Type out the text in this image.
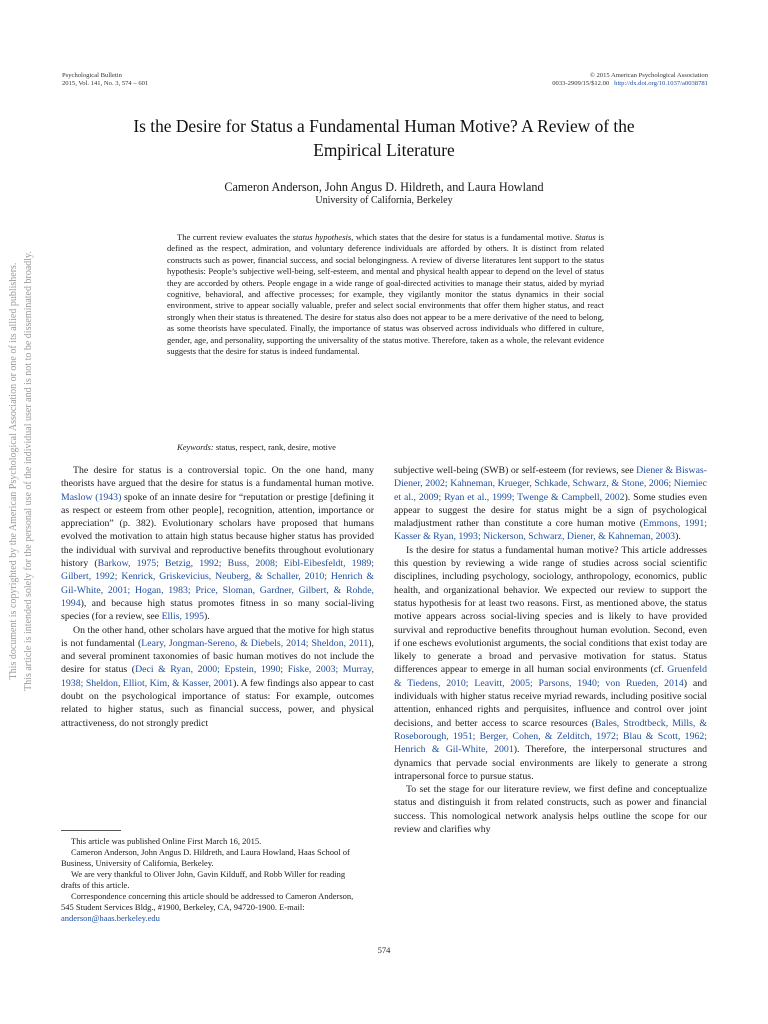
Psychological Bulletin
2015, Vol. 141, No. 3, 574 – 601
© 2015 American Psychological Association
0033-2909/15/$12.00 http://dx.doi.org/10.1037/a0038781
Is the Desire for Status a Fundamental Human Motive? A Review of the
Empirical Literature
Cameron Anderson, John Angus D. Hildreth, and Laura Howland
University of California, Berkeley

The current review evaluates the status hypothesis, which states that the desire for status is a fundamental motive. Status is defined as the respect, admiration, and voluntary deference individuals are afforded by others. It is distinct from related constructs such as power, financial success, and social belongingness. A review of diverse literatures lent support to the status hypothesis: People’s subjective well-being, self-esteem, and mental and physical health appear to depend on the level of status they are accorded by others. People engage in a wide range of goal-directed activities to manage their status, aided by myriad cognitive, behavioral, and affective processes; for example, they vigilantly monitor the status dynamics in their social environment, strive to appear socially valuable, prefer and select social environments that offer them higher status, and react strongly when their status is threatened. The desire for status also does not appear to be a mere derivative of the need to belong, as some theorists have speculated. Finally, the importance of status was observed across individuals who differed in culture, gender, age, and personality, supporting the universality of the status motive. Therefore, taken as a whole, the relevant evidence suggests that the desire for status is indeed fundamental.

Keywords: status, respect, rank, desire, motive

The desire for status is a controversial topic. On the one hand, many theorists have argued that the desire for status is a fundamental human motive. Maslow (1943) spoke of an innate desire for “reputation or prestige [defining it as respect or esteem from other people], recognition, attention, importance or appreciation” (p. 382). Evolutionary scholars have proposed that humans evolved the motivation to attain high status because higher status has provided the individual with survival and reproductive benefits throughout evolutionary history (Barkow, 1975; Betzig, 1992; Buss, 2008; Eibl-Eibesfeldt, 1989; Gilbert, 1992; Kenrick, Griskevicius, Neuberg, & Schaller, 2010; Henrich & Gil-White, 2001; Hogan, 1983; Price, Sloman, Gardner, Gilbert, & Rohde, 1994), and because high status promotes fitness in so many social-living species (for a review, see Ellis, 1995).

On the other hand, other scholars have argued that the motive for high status is not fundamental (Leary, Jongman-Sereno, & Diebels, 2014; Sheldon, 2011), and several prominent taxonomies of basic human motives do not include the desire for status (Deci & Ryan, 2000; Epstein, 1990; Fiske, 2003; Murray, 1938; Sheldon, Elliot, Kim, & Kasser, 2001). A few findings also appear to cast doubt on the psychological importance of status: For example, outcomes related to higher status, such as financial success, power, and physical attractiveness, do not strongly predict

subjective well-being (SWB) or self-esteem (for reviews, see Diener & Biswas-Diener, 2002; Kahneman, Krueger, Schkade, Schwarz, & Stone, 2006; Niemiec et al., 2009; Ryan et al., 1999; Twenge & Campbell, 2002). Some studies even appear to suggest the desire for status might be a sign of psychological maladjustment rather than constitute a core human motive (Emmons, 1991; Kasser & Ryan, 1993; Nickerson, Schwarz, Diener, & Kahneman, 2003).

Is the desire for status a fundamental human motive? This article addresses this question by reviewing a wide range of studies across social scientific disciplines, including psychology, sociology, anthropology, economics, public health, and organizational behavior. We expected our review to support the status hypothesis for at least two reasons. First, as mentioned above, the status motive appears across social-living species and is likely to have provided survival and reproductive benefits throughout human evolution. Second, even if one eschews evolutionist arguments, the social conditions that exist today are likely to generate a broad and pervasive motivation for status. Status differences appear to emerge in all human social environments (cf. Gruenfeld & Tiedens, 2010; Leavitt, 2005; Parsons, 1940; von Rueden, 2014) and individuals with higher status receive myriad rewards, including positive social attention, enhanced rights and perquisites, influence and control over joint decisions, and better access to scarce resources (Bales, Strodtbeck, Mills, & Roseborough, 1951; Berger, Cohen, & Zelditch, 1972; Blau & Scott, 1962; Henrich & Gil-White, 2001). Therefore, the interpersonal structures and dynamics that pervade social environments are likely to generate a strong intrapersonal force to pursue status.

To set the stage for our literature review, we first define and conceptualize status and distinguish it from related constructs, such as power and financial success. This nomological network analysis helps outline the scope for our review and clarifies why

This article was published Online First March 16, 2015.

Cameron Anderson, John Angus D. Hildreth, and Laura Howland, Haas School of Business, University of California, Berkeley.

We are very thankful to Oliver John, Gavin Kilduff, and Robb Willer for reading drafts of this article.

Correspondence concerning this article should be addressed to Cameron Anderson, 545 Student Services Bldg., #1900, Berkeley, CA, 94720-1900. E-mail: anderson@haas.berkeley.edu

574
This document is copyrighted by the American Psychological Association or one of its allied publishers. This article is intended solely for the personal use of the individual user and is not to be disseminated broadly.
